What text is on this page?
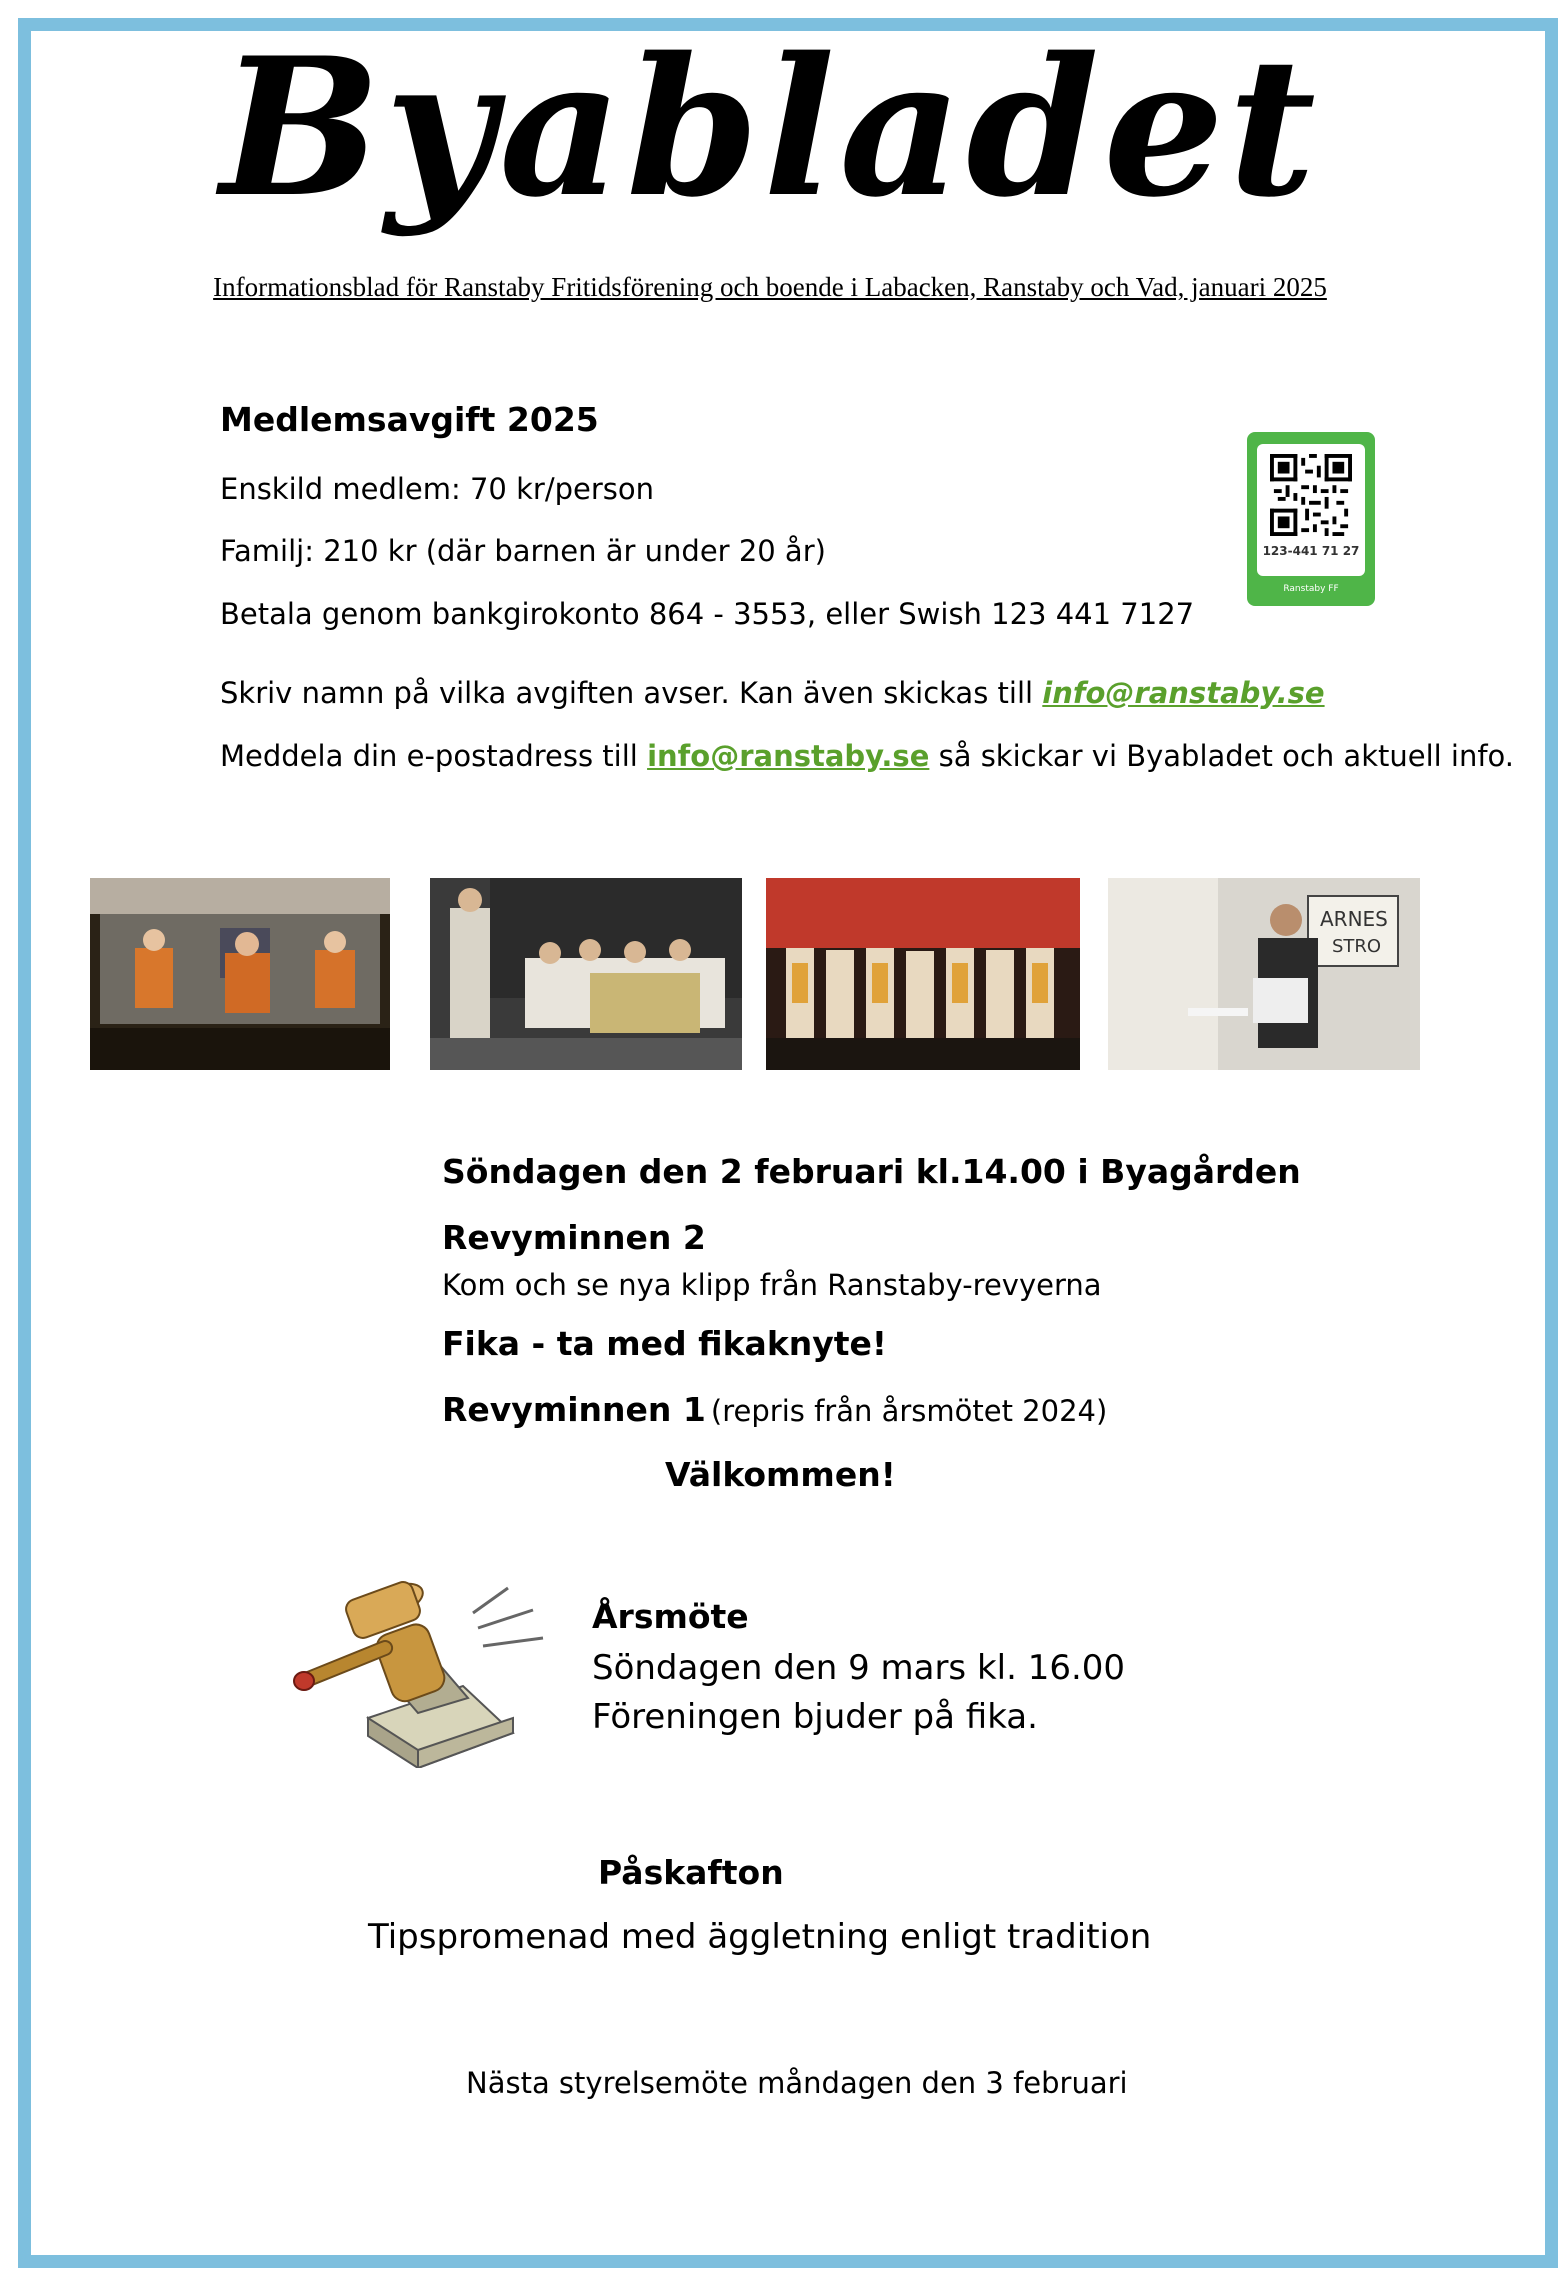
Byabladet
Informationsblad för Ranstaby Fritidsförening och boende i Labacken, Ranstaby och Vad, januari 2025
Medlemsavgift 2025
Enskild medlem: 70 kr/person
Familj: 210 kr (där barnen är under 20 år)
Betala genom bankgirokonto 864 - 3553, eller Swish 123 441 7127
Skriv namn på vilka avgiften avser. Kan även skickas till info@ranstaby.se
Meddela din e-postadress till info@ranstaby.se så skickar vi Byabladet och aktuell info.
123-441 71 27
Ranstaby FF
ARNES
STRO
Söndagen den 2 februari kl.14.00 i Byagården
Revyminnen 2
Kom och se nya klipp från Ranstaby-revyerna
Fika - ta med fikaknyte!
Revyminnen 1 (repris från årsmötet 2024)
Välkommen!
Årsmöte
Söndagen den 9 mars kl. 16.00
Föreningen bjuder på fika.
Påskafton
Tipspromenad med äggletning enligt tradition
Nästa styrelsemöte måndagen den 3 februari
